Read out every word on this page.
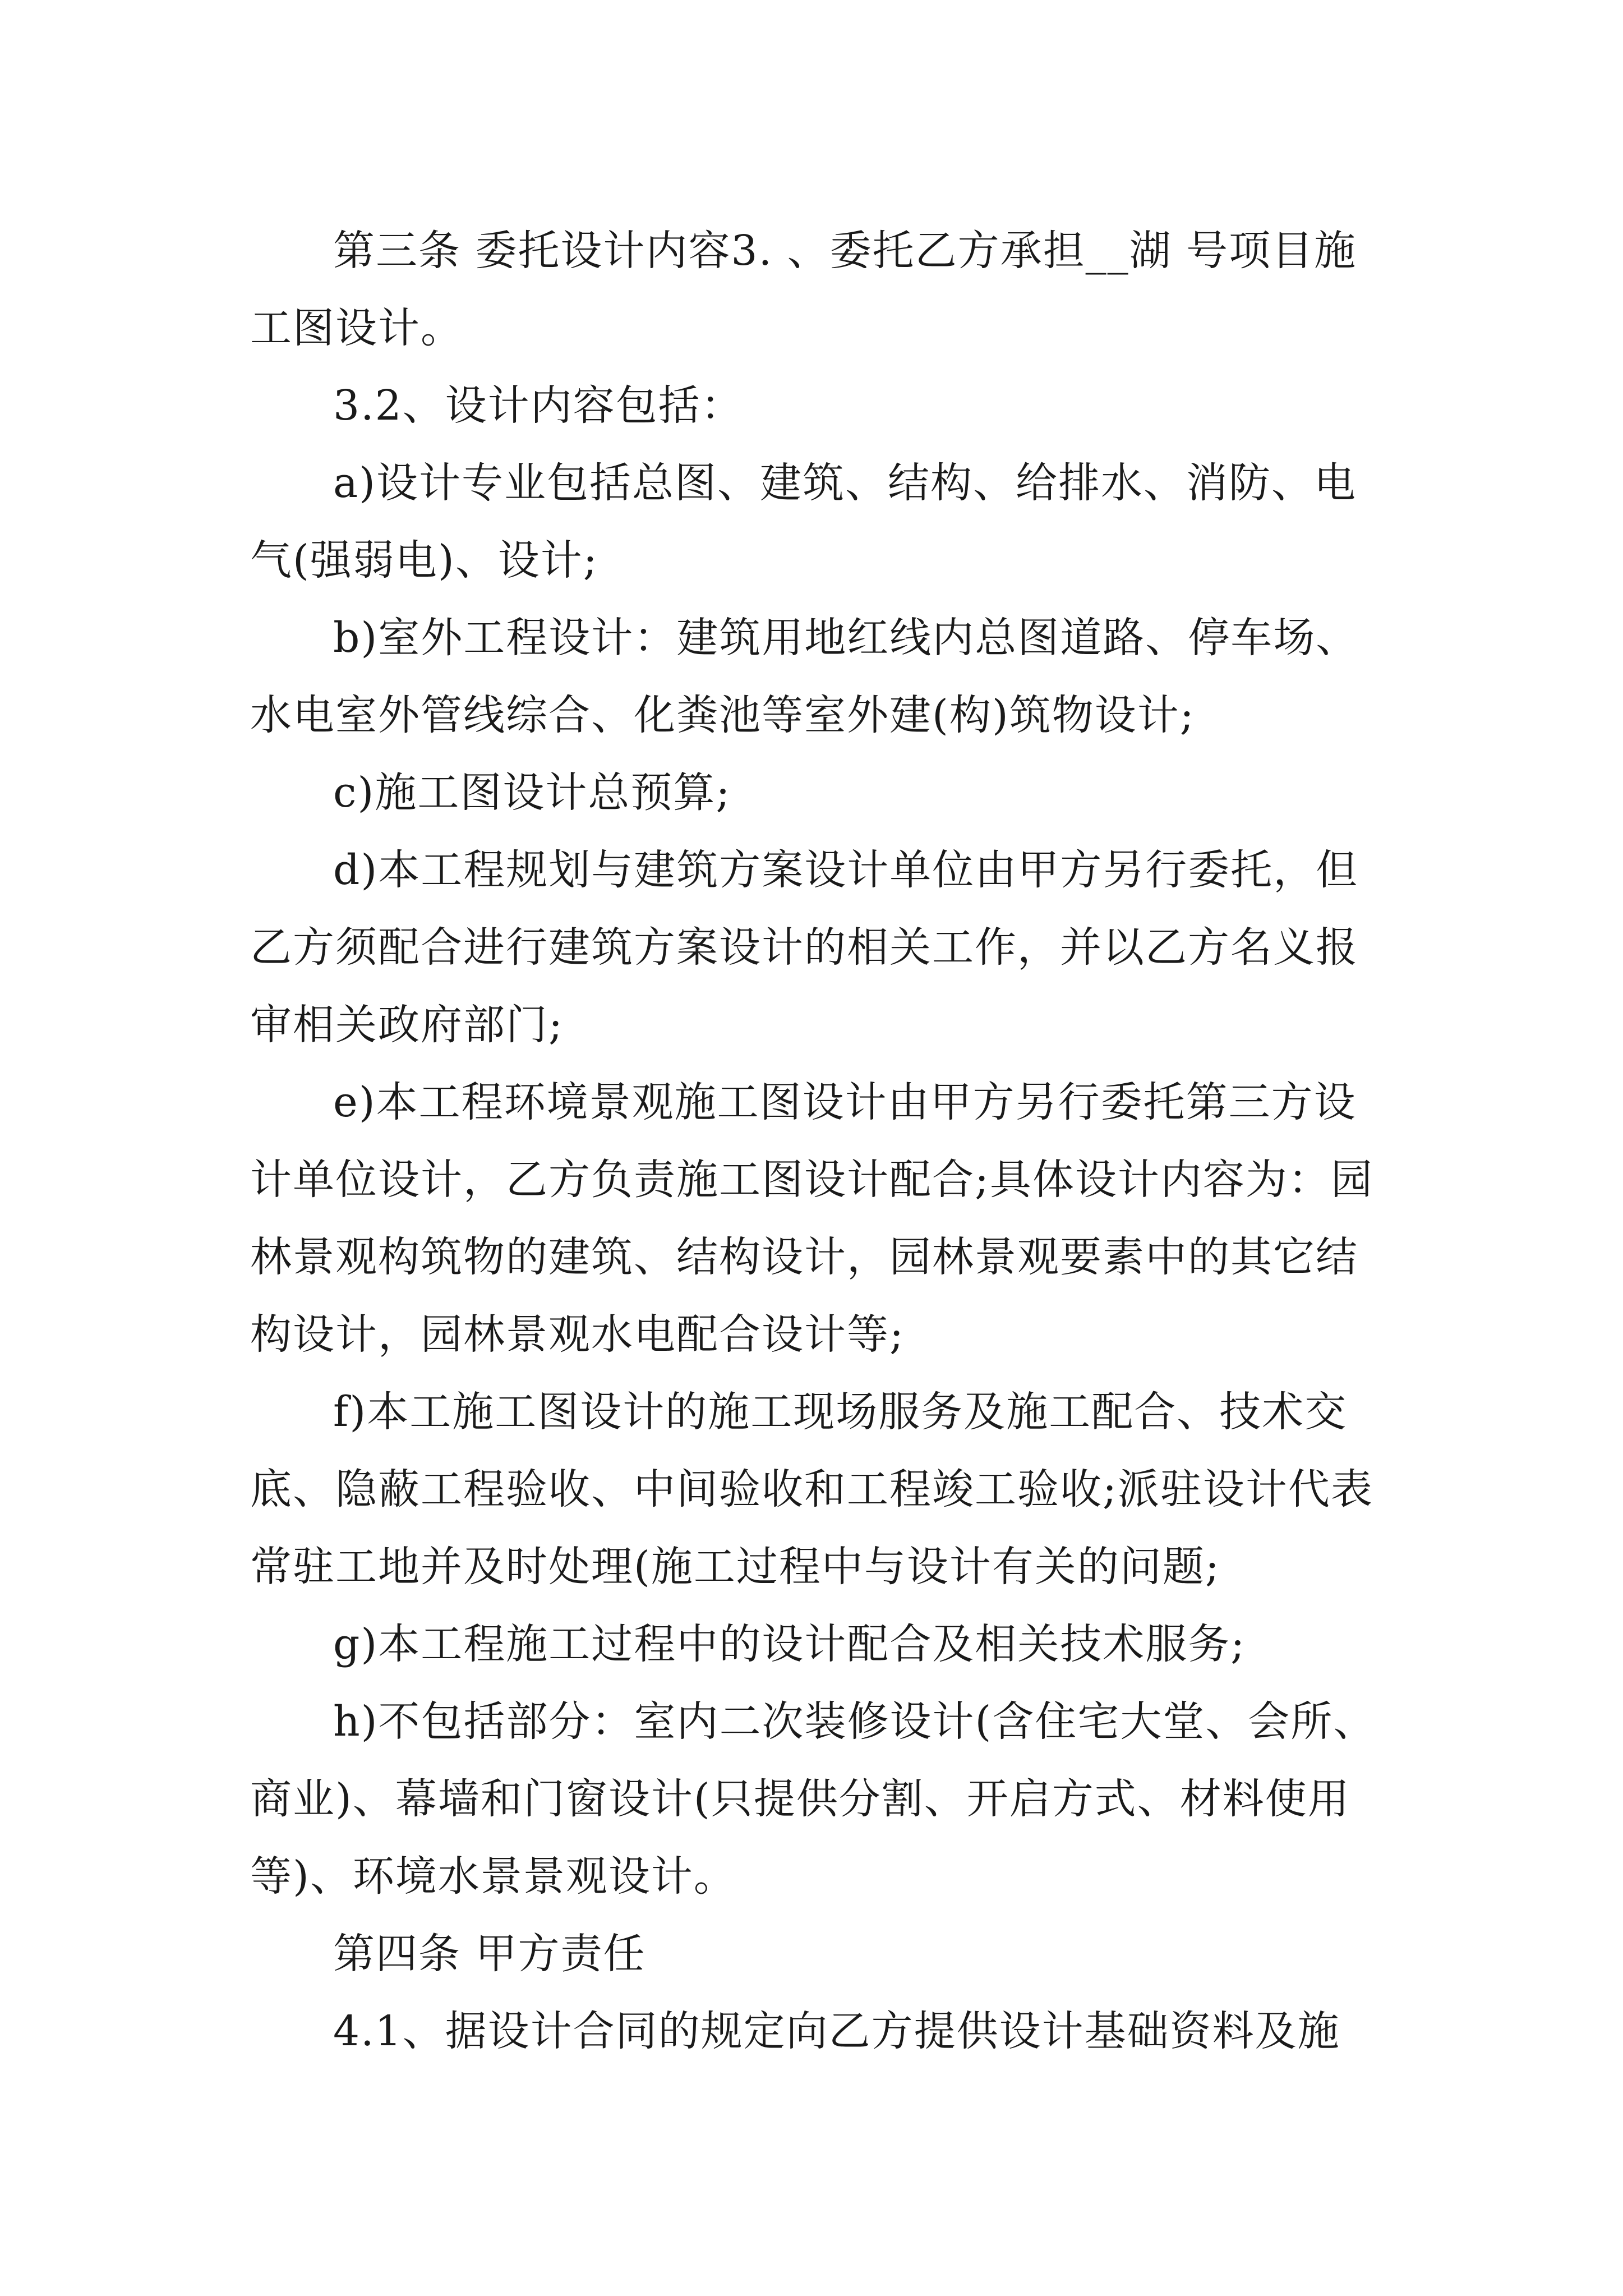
第三条 委托设计内容3. 、委托乙方承担__湖 号项目施工图设计。

3.2、设计内容包括：

a)设计专业包括总图、建筑、结构、给排水、消防、电气(强弱电)、设计;

b)室外工程设计：建筑用地红线内总图道路、停车场、水电室外管线综合、化粪池等室外建(构)筑物设计;

c)施工图设计总预算;

d)本工程规划与建筑方案设计单位由甲方另行委托，但乙方须配合进行建筑方案设计的相关工作，并以乙方名义报审相关政府部门;

e)本工程环境景观施工图设计由甲方另行委托第三方设计单位设计，乙方负责施工图设计配合;具体设计内容为：园林景观构筑物的建筑、结构设计，园林景观要素中的其它结构设计，园林景观水电配合设计等;

f)本工施工图设计的施工现场服务及施工配合、技术交底、隐蔽工程验收、中间验收和工程竣工验收;派驻设计代表常驻工地并及时处理(施工过程中与设计有关的问题;

g)本工程施工过程中的设计配合及相关技术服务;

h)不包括部分：室内二次装修设计(含住宅大堂、会所、商业)、幕墙和门窗设计(只提供分割、开启方式、材料使用等)、环境水景景观设计。

第四条 甲方责任

4.1、据设计合同的规定向乙方提供设计基础资料及施
